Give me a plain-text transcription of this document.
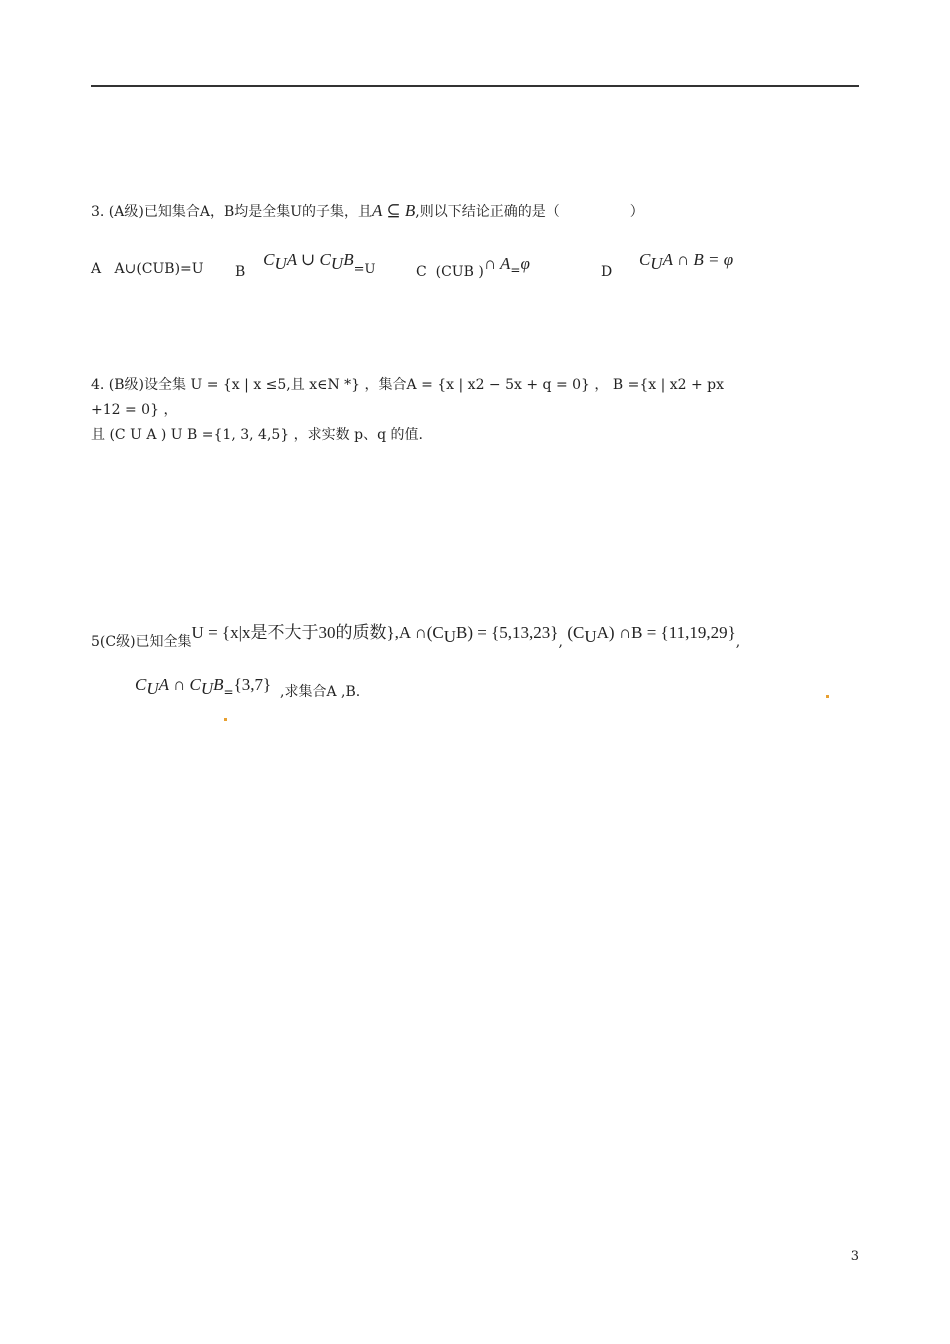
3. (A级)已知集合A，B均是全集U的子集，且A ⊆ B,则以下结论正确的是（	）
A A∪(CUB)=U B    $C_UA$ ∪ $C_UB=U$	C (CUB )∩ A=φ	D      $C_UA$ ∩ B = φ
4. (B级)设全集 U = {x | x ≤5,且 x∈N *} ，集合A = {x | x2 − 5x + q = 0} ， B ={x | x2 + px
+12 = 0} ，
且 (C U A ) U B ={1, 3, 4,5} ，求实数 p、q 的值.
5(C级)已知全集U = {x|x是不大于30的质数},A $\cap(C_UB) = \{5,13,23\}$, $(C_UA)$ ∩B = {11,19,29},
$C_UA$ ∩ $C_UB=\{3,7\}$ ,求集合A ,B.
3
